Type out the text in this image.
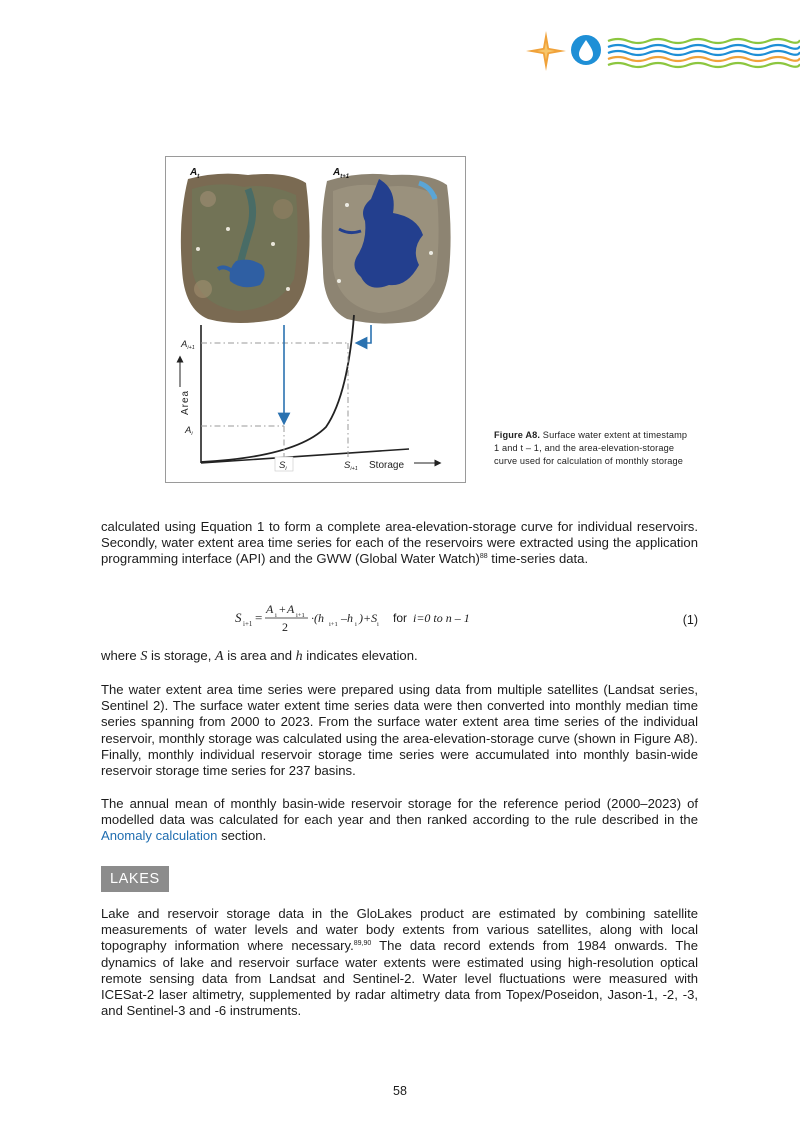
$A_t$	$A_{t+1}$
Area
Storage
$A_{i+1}$
$A_i$
$S_i$	$S_{i+1}$
Figure A8. Surface water extent at timestamp 1 and t – 1, and the area-elevation-storage curve used for calculation of monthly storage

calculated using Equation 1 to form a complete area-elevation-storage curve for individual reservoirs. Secondly, water extent area time series for each of the reservoirs were extracted using the application programming interface (API) and the GWW (Global Water Watch)$^{88}$ time-series data.

S i+1 =
A i + A i+1
2
·(h i+1 –h i )+S i for i=0 to n – 1	(1)

where S is storage, A is area and h indicates elevation.

The water extent area time series were prepared using data from multiple satellites (Landsat series, Sentinel 2). The surface water extent time series data were then converted into monthly median time series spanning from 2000 to 2023. From the surface water extent area time series of the individual reservoir, monthly storage was calculated using the area-elevation-storage curve (shown in Figure A8). Finally, monthly individual reservoir storage time series were accumulated into monthly basin-wide reservoir storage time series for 237 basins.

The annual mean of monthly basin-wide reservoir storage for the reference period (2000–2023) of modelled data was calculated for each year and then ranked according to the rule described in the Anomaly calculation section.

LAKES

Lake and reservoir storage data in the GloLakes product are estimated by combining satellite measurements of water levels and water body extents from various satellites, along with local topography information where necessary.$^{89,90}$ The data record extends from 1984 onwards. The dynamics of lake and reservoir surface water extents were estimated using high-resolution optical remote sensing data from Landsat and Sentinel-2. Water level fluctuations were measured with ICESat-2 laser altimetry, supplemented by radar altimetry data from Topex/Poseidon, Jason-1, -2, -3, and Sentinel-3 and -6 instruments.

58
